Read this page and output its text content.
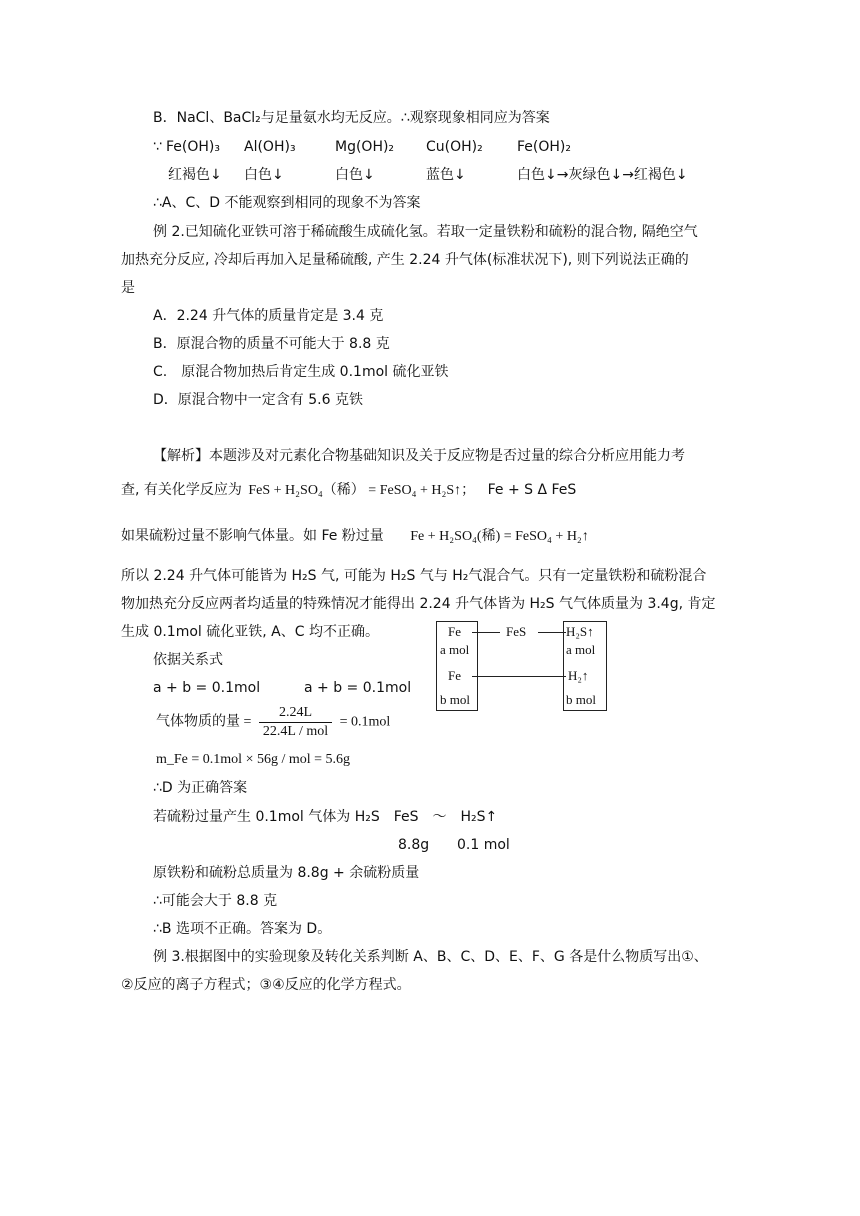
B．NaCl、BaCl₂与足量氨水均无反应。∴观察现象相同应为答案
∵ Fe(OH)₃ Al(OH)₃	Mg(OH)₂ Cu(OH)₂ Fe(OH)₂
红褐色↓ 白色↓	白色↓	蓝色↓	白色↓→灰绿色↓→红褐色↓
∴A、C、D 不能观察到相同的现象不为答案
例 2.已知硫化亚铁可溶于稀硫酸生成硫化氢。若取一定量铁粉和硫粉的混合物, 隔绝空气
加热充分反应, 冷却后再加入足量稀硫酸, 产生 2.24 升气体(标准状况下), 则下列说法正确的
是
A．2.24 升气体的质量肯定是 3.4 克
B．原混合物的质量不可能大于 8.8 克
C.　原混合物加热后肯定生成 0.1mol 硫化亚铁
D．原混合物中一定含有 5.6 克铁
【解析】本题涉及对元素化合物基础知识及关于反应物是否过量的综合分析应用能力考
查, 有关化学反应为 FeS + H₂SO₄（稀） = FeSO₄ + H₂S↑； Fe + S Δ FeS
如果硫粉过量不影响气体量。如 Fe 粉过量 Fe + H₂SO₄(稀) = FeSO₄ + H₂↑
所以 2.24 升气体可能皆为 H₂S 气, 可能为 H₂S 气与 H₂气混合气。只有一定量铁粉和硫粉混合
物加热充分反应两者均适量的特殊情况才能得出 2.24 升气体皆为 H₂S 气气体质量为 3.4g, 肯定
生成 0.1mol 硫化亚铁, A、C 均不正确。	Fe
a mol
Fe
b mol
FeS	H₂S↑
a mol
H₂↑
b mol
依据关系式
a + b = 0.1mol	a + b = 0.1mol
气体物质的量 = $\frac{2.24L}{\text{22.4L / mol}} = 0.1mol$
m_Fe = 0.1mol × 56g / mol = 5.6g
∴D 为正确答案
若硫粉过量产生 0.1mol 气体为 H₂S　FeS　～　H₂S↑
8.8g 0.1 mol
原铁粉和硫粉总质量为 8.8g + 余硫粉质量
∴可能会大于 8.8 克
∴B 选项不正确。答案为 D。
例 3.根据图中的实验现象及转化关系判断 A、B、C、D、E、F、G 各是什么物质写出①、
②反应的离子方程式；③④反应的化学方程式。
